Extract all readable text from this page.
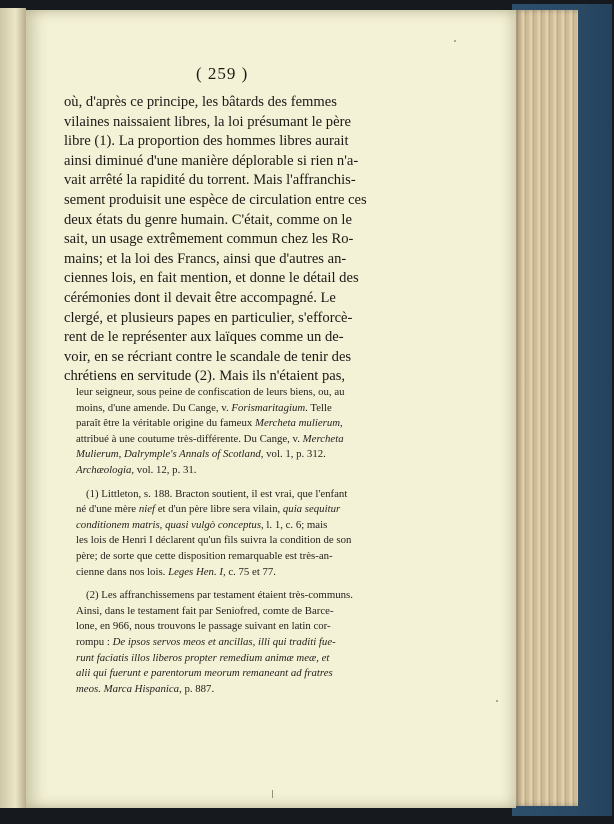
( 259 )
où, d'après ce principe, les bâtards des femmes
vilaines naissaient libres, la loi présumant le père
libre (1). La proportion des hommes libres aurait
ainsi diminué d'une manière déplorable si rien n'a-
vait arrêté la rapidité du torrent. Mais l'affranchis-
sement produisit une espèce de circulation entre ces
deux états du genre humain. C'était, comme on le
sait, un usage extrêmement commun chez les Ro-
mains; et la loi des Francs, ainsi que d'autres an-
ciennes lois, en fait mention, et donne le détail des
cérémonies dont il devait être accompagné. Le
clergé, et plusieurs papes en particulier, s'efforcè-
rent de le représenter aux laïques comme un de-
voir, en se récriant contre le scandale de tenir des
chrétiens en servitude (2). Mais ils n'étaient pas,
leur seigneur, sous peine de confiscation de leurs biens, ou, au
moins, d'une amende. Du Cange, v. Forismaritagium. Telle
paraît être la véritable origine du fameux Mercheta mulierum,
attribué à une coutume très-différente. Du Cange, v. Mercheta
Mulierum, Dalrymple's Annals of Scotland, vol. 1, p. 312.
Archæologia, vol. 12, p. 31.
(1) Littleton, s. 188. Bracton soutient, il est vrai, que l'enfant
né d'une mère nief et d'un père libre sera vilain, quia sequitur
conditionem matris, quasi vulgò conceptus, l. 1, c. 6; mais
les lois de Henri I déclarent qu'un fils suivra la condition de son
père; de sorte que cette disposition remarquable est très-an-
cienne dans nos lois. Leges Hen. I, c. 75 et 77.
(2) Les affranchissemens par testament étaient très-communs.
Ainsi, dans le testament fait par Seniofred, comte de Barce-
lone, en 966, nous trouvons le passage suivant en latin cor-
rompu : De ipsos servos meos et ancillas, illi qui traditi fue-
runt faciatis illos liberos propter remedium animæ meæ, et
alii qui fuerunt e parentorum meorum remaneant ad fratres
meos. Marca Hispanica, p. 887.
